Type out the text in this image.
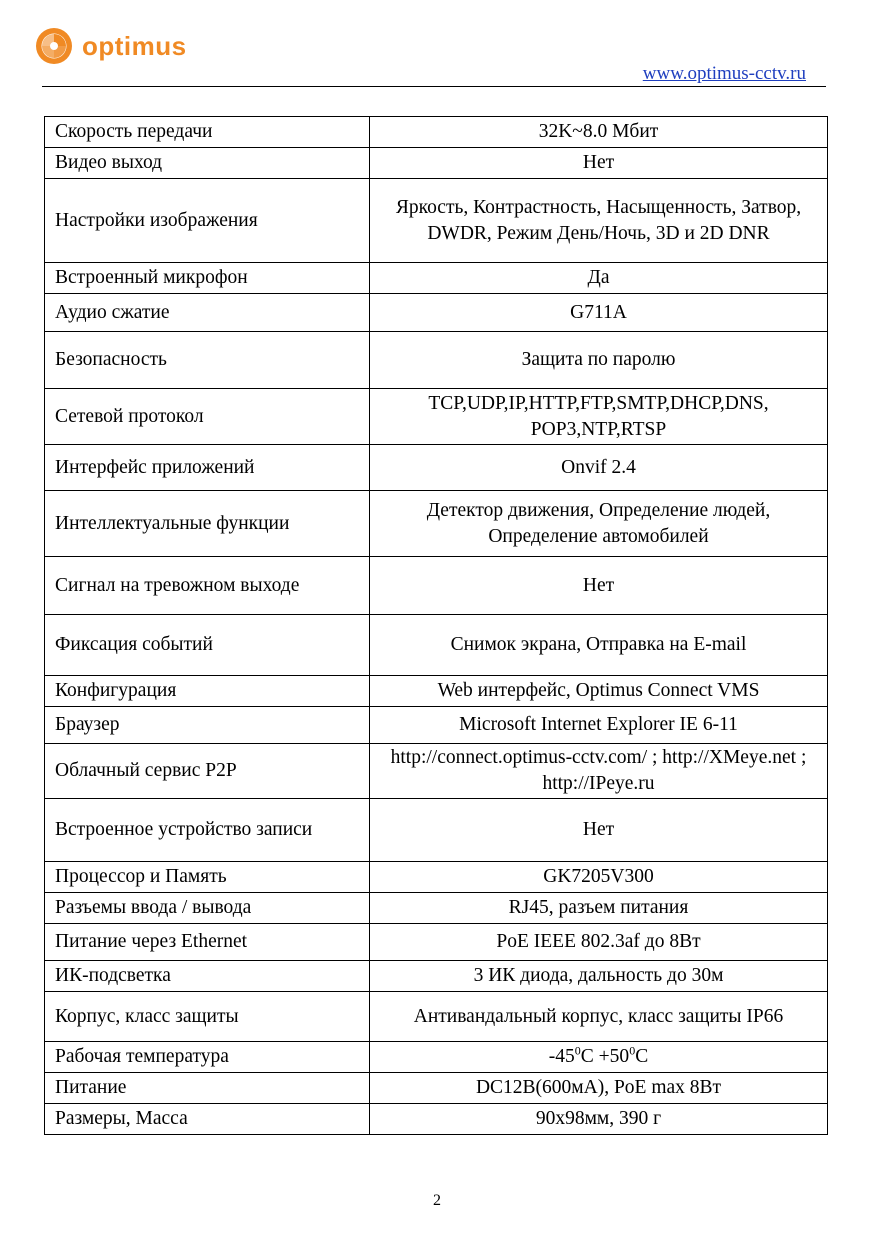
optimus
www.optimus-cctv.ru
Скорость передачи	32K~8.0 Мбит
Видео выход	Нет
Настройки изображения	Яркость, Контрастность, Насыщенность, Затвор, DWDR, Режим День/Ночь, 3D и 2D DNR
Встроенный микрофон	Да
Аудио сжатие	G711A
Безопасность	Защита по паролю
Сетевой протокол	TCP,UDP,IP,HTTP,FTP,SMTP,DHCP,DNS, POP3,NTP,RTSP
Интерфейс приложений	Onvif 2.4
Интеллектуальные функции	Детектор движения, Определение людей, Определение автомобилей
Сигнал на тревожном выходе	Нет
Фиксация событий	Снимок экрана, Отправка на E-mail
Конфигурация	Web интерфейс, Optimus Connect VMS
Браузер	Microsoft Internet Explorer IE 6-11
Облачный сервис P2P	http://connect.optimus-cctv.com/ ; http://XMeye.net ; http://IPeye.ru
Встроенное устройство записи	Нет
Процессор и Память	GK7205V300
Разъемы ввода / вывода	RJ45, разъем питания
Питание через Ethernet	PoE IEEE 802.3af до 8Вт
ИК-подсветка	3 ИК диода, дальность до 30м
Корпус, класс защиты	Антивандальный корпус, класс защиты IP66
Рабочая температура	$-45^0C +50^0C$
Питание	DC12В(600мА), PoE max 8Вт
Размеры, Масса	90x98мм, 390 г
2
